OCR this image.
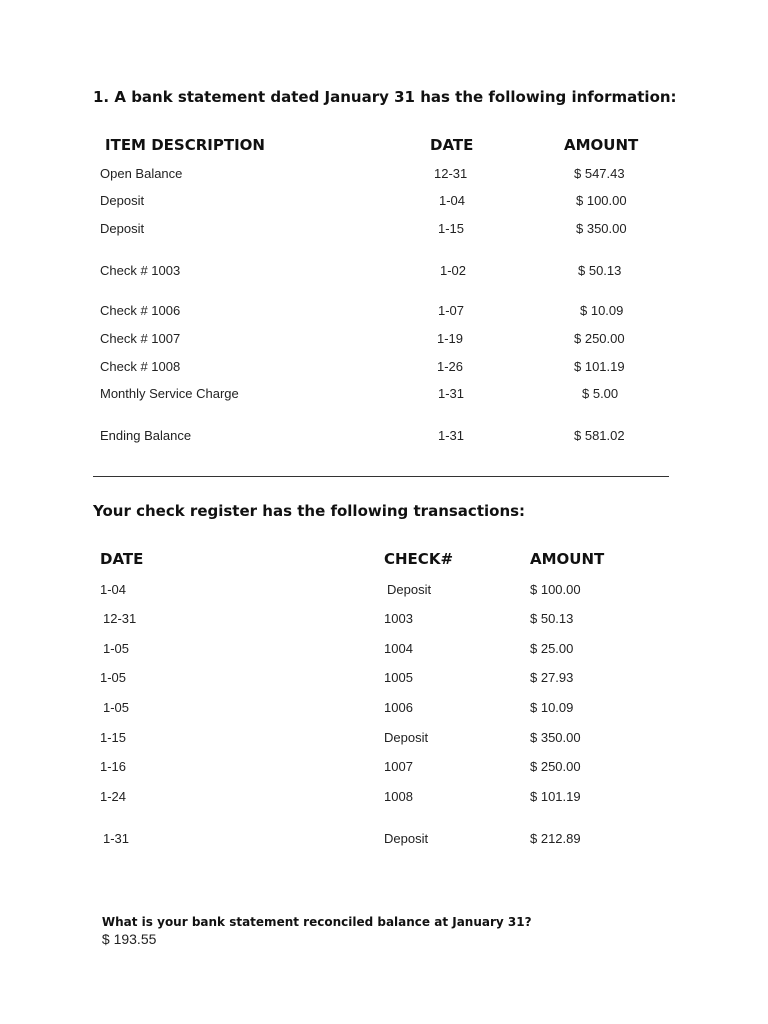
1. A bank statement dated January 31 has the following information:
ITEM DESCRIPTION	DATE	AMOUNT
Open Balance	12-31	$ 547.43
Deposit	1-04	$ 100.00
Deposit	1-15	$ 350.00
Check # 1003	1-02	$ 50.13
Check # 1006	1-07	$ 10.09
Check # 1007	1-19	$ 250.00
Check # 1008	1-26	$ 101.19
Monthly Service Charge	1-31	$ 5.00
Ending Balance	1-31	$ 581.02
Your check register has the following transactions:
DATE	CHECK#	AMOUNT
1-04	Deposit	$ 100.00
12-31	1003	$ 50.13
1-05	1004	$ 25.00
1-05	1005	$ 27.93
1-05	1006	$ 10.09
1-15	Deposit	$ 350.00
1-16	1007	$ 250.00
1-24	1008	$ 101.19
1-31	Deposit	$ 212.89

What is your bank statement reconciled balance at January 31?
$ 193.55
